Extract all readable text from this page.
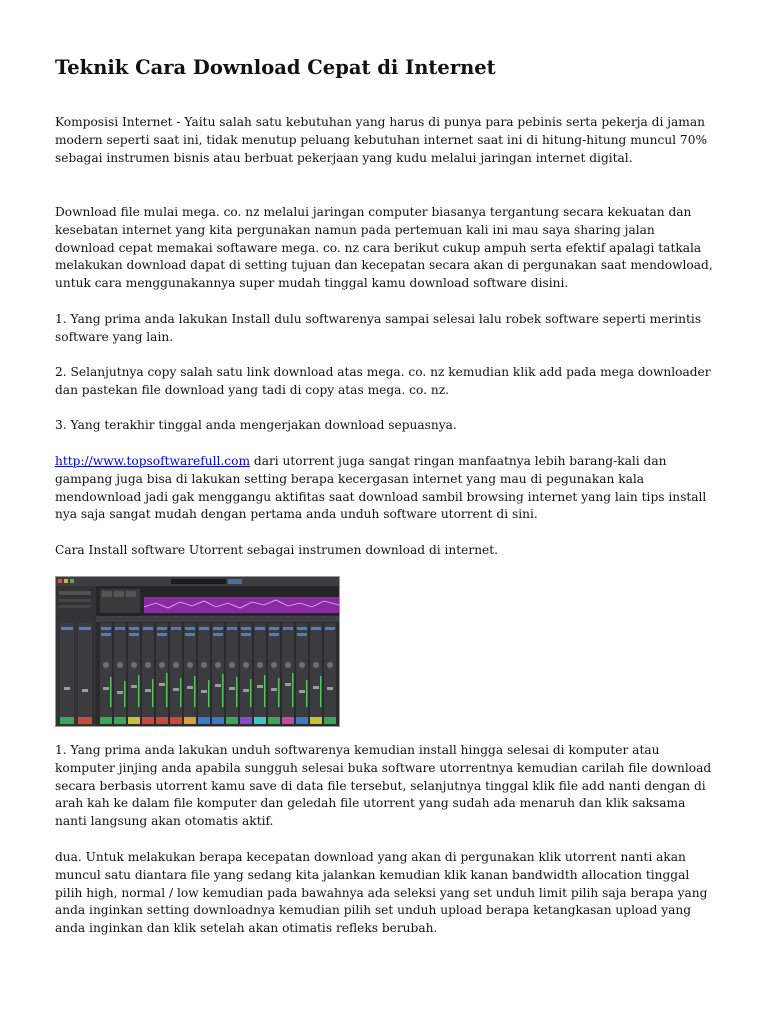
Teknik Cara Download Cepat di Internet

Komposisi Internet - Yaitu salah satu kebutuhan yang harus di punya para pebinis serta pekerja di jaman modern seperti saat ini, tidak menutup peluang kebutuhan internet saat ini di hitung-hitung muncul 70% sebagai instrumen bisnis atau berbuat pekerjaan yang kudu melalui jaringan internet digital.

Download file mulai mega. co. nz melalui jaringan computer biasanya tergantung secara kekuatan dan kesebatan internet yang kita pergunakan namun pada pertemuan kali ini mau saya sharing jalan download cepat memakai softaware mega. co. nz cara berikut cukup ampuh serta efektif apalagi tatkala melakukan download dapat di setting tujuan dan kecepatan secara akan di pergunakan saat mendowload, untuk cara menggunakannya super mudah tinggal kamu download software disini.

1. Yang prima anda lakukan Install dulu softwarenya sampai selesai lalu robek software seperti merintis software yang lain.

2. Selanjutnya copy salah satu link download atas mega. co. nz kemudian klik add pada mega downloader dan pastekan file download yang tadi di copy atas mega. co. nz.

3. Yang terakhir tinggal anda mengerjakan download sepuasnya.

http://www.topsoftwarefull.com dari utorrent juga sangat ringan manfaatnya lebih barang-kali dan gampang juga bisa di lakukan setting berapa kecergasan internet yang mau di pegunakan kala mendownload jadi gak menggangu aktifitas saat download sambil browsing internet yang lain tips install nya saja sangat mudah dengan pertama anda unduh software utorrent di sini.

Cara Install software Utorrent sebagai instrumen download di internet.

1. Yang prima anda lakukan unduh softwarenya kemudian install hingga selesai di komputer atau komputer jinjing anda apabila sungguh selesai buka software utorrentnya kemudian carilah file download secara berbasis utorrent kamu save di data file tersebut, selanjutnya tinggal klik file add nanti dengan di arah kah ke dalam file komputer dan geledah file utorrent yang sudah ada menaruh dan klik saksama nanti langsung akan otomatis aktif.

dua. Untuk melakukan berapa kecepatan download yang akan di pergunakan klik utorrent nanti akan muncul satu diantara file yang sedang kita jalankan kemudian klik kanan bandwidth allocation tinggal pilih high, normal / low kemudian pada bawahnya ada seleksi yang set unduh limit pilih saja berapa yang anda inginkan setting downloadnya kemudian pilih set unduh upload berapa ketangkasan upload yang anda inginkan dan klik setelah akan otimatis refleks berubah.
